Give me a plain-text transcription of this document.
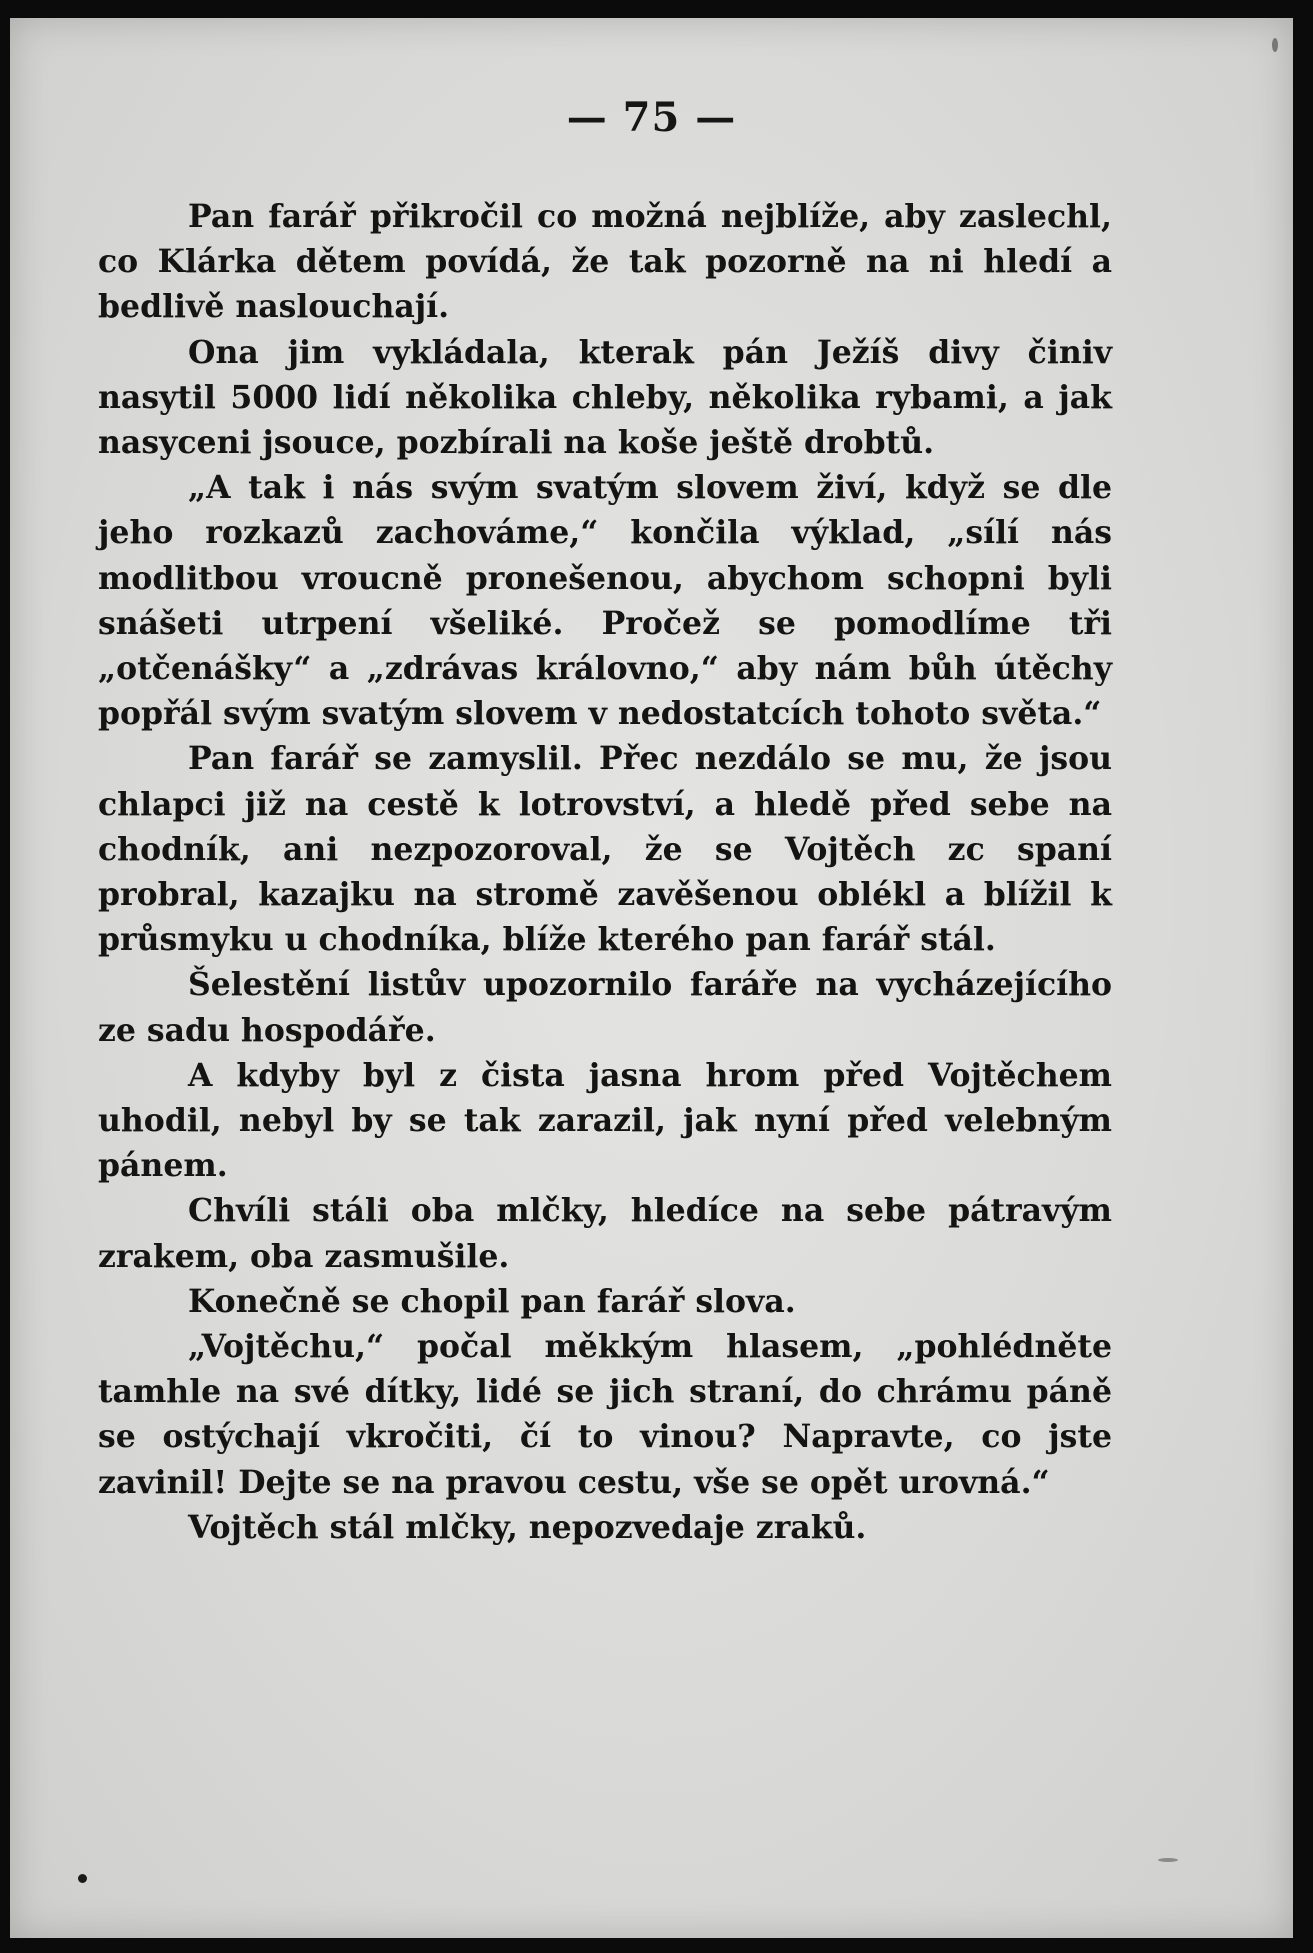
— 75 —

Pan farář přikročil co možná nejblíže, aby zaslechl, co Klárka dětem povídá, že tak pozorně na ni hledí a bedlivě naslouchají.

Ona jim vykládala, kterak pán Ježíš divy činiv nasytil 5000 lidí několika chleby, několika rybami, a jak nasyceni jsouce, pozbírali na koše ještě drobtů.

„A tak i nás svým svatým slovem živí, když se dle jeho rozkazů zachováme,“ končila výklad, „sílí nás modlitbou vroucně pronešenou, abychom schopni byli snášeti utrpení všeliké. Pročež se pomodlíme tři „otčenášky“ a „zdrávas královno,“ aby nám bůh útěchy popřál svým svatým slovem v nedostatcích tohoto světa.“

Pan farář se zamyslil. Přec nezdálo se mu, že jsou chlapci již na cestě k lotrovství, a hledě před sebe na chodník, ani nezpozoroval, že se Vojtěch zc spaní probral, kazajku na stromě zavěšenou oblékl a blížil k průsmyku u chodníka, blíže kterého pan farář stál.

Šelestění listův upozornilo faráře na vycházejícího ze sadu hospodáře.

A kdyby byl z čista jasna hrom před Vojtěchem uhodil, nebyl by se tak zarazil, jak nyní před velebným pánem.

Chvíli stáli oba mlčky, hledíce na sebe pátravým zrakem, oba zasmušile.

Konečně se chopil pan farář slova.

„Vojtěchu,“ počal měkkým hlasem, „pohlédněte tamhle na své dítky, lidé se jich straní, do chrámu páně se ostýchají vkročiti, čí to vinou? Napravte, co jste zavinil! Dejte se na pravou cestu, vše se opět urovná.“

Vojtěch stál mlčky, nepozvedaje zraků.
